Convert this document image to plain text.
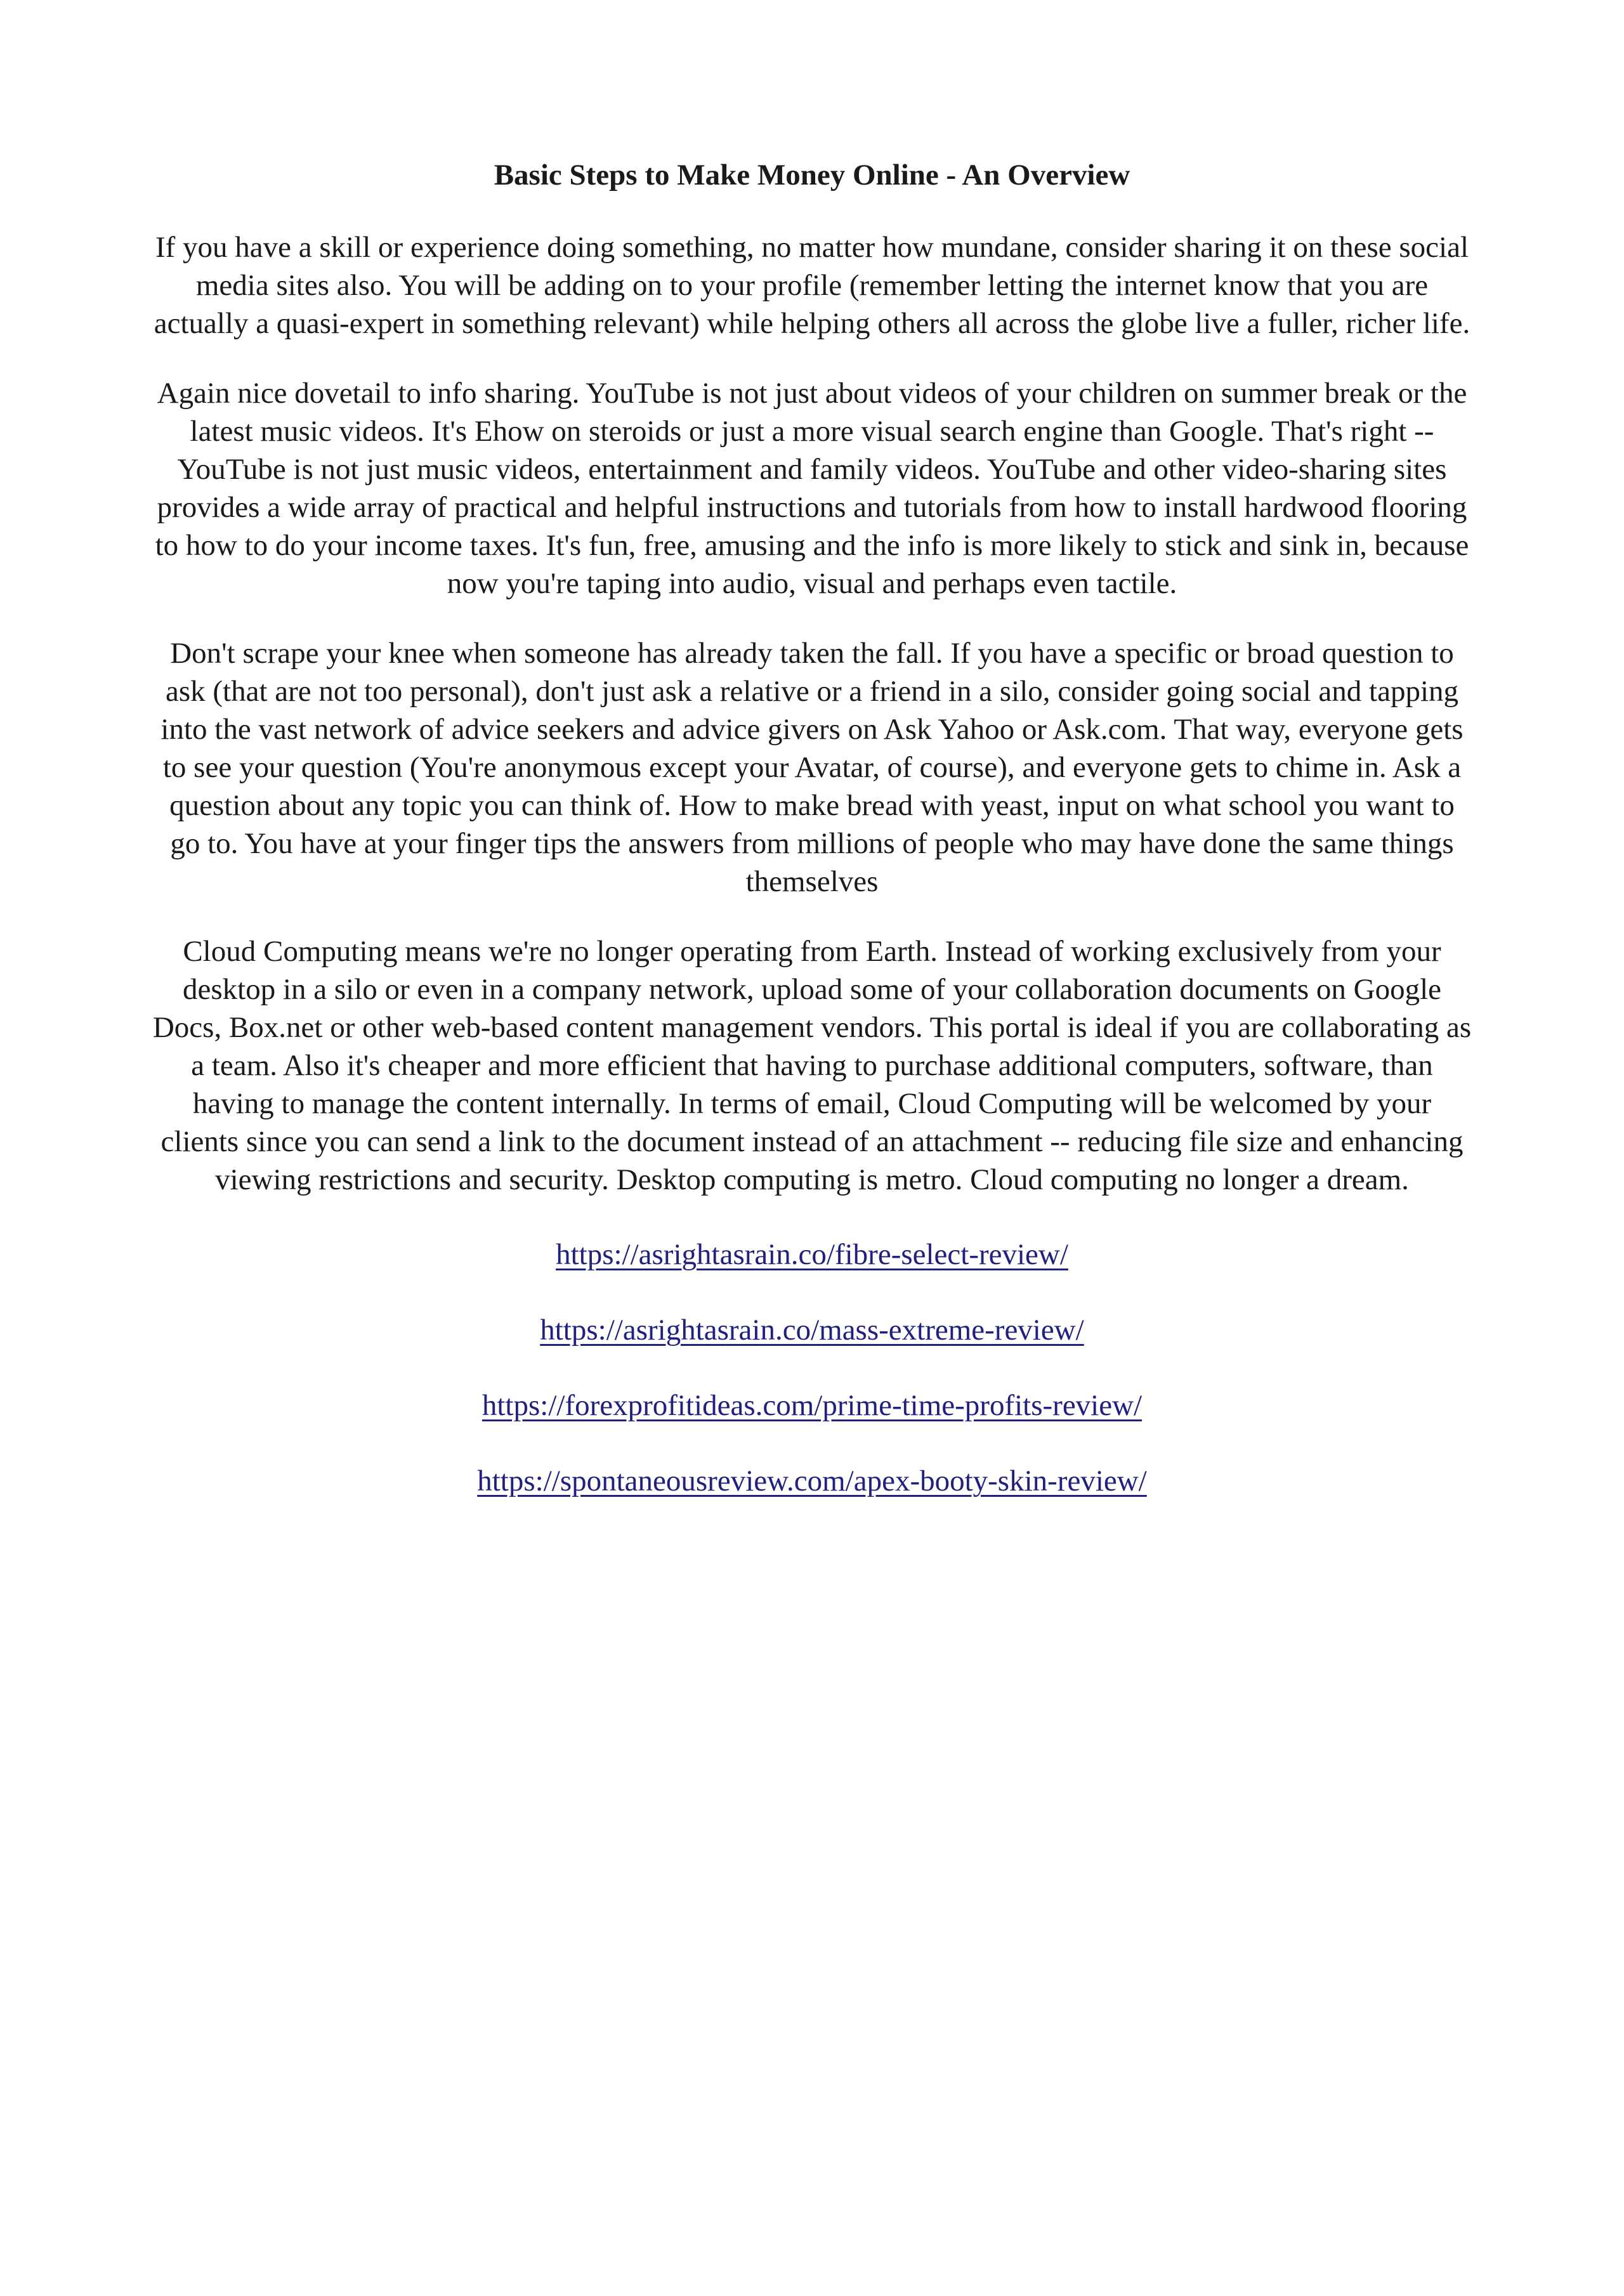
Basic Steps to Make Money Online - An Overview

If you have a skill or experience doing something, no matter how mundane, consider sharing it on these social media sites also. You will be adding on to your profile (remember letting the internet know that you are actually a quasi-expert in something relevant) while helping others all across the globe live a fuller, richer life.

Again nice dovetail to info sharing. YouTube is not just about videos of your children on summer break or the latest music videos. It's Ehow on steroids or just a more visual search engine than Google. That's right -- YouTube is not just music videos, entertainment and family videos. YouTube and other video-sharing sites provides a wide array of practical and helpful instructions and tutorials from how to install hardwood flooring to how to do your income taxes. It's fun, free, amusing and the info is more likely to stick and sink in, because now you're taping into audio, visual and perhaps even tactile.

Don't scrape your knee when someone has already taken the fall. If you have a specific or broad question to ask (that are not too personal), don't just ask a relative or a friend in a silo, consider going social and tapping into the vast network of advice seekers and advice givers on Ask Yahoo or Ask.com. That way, everyone gets to see your question (You're anonymous except your Avatar, of course), and everyone gets to chime in. Ask a question about any topic you can think of. How to make bread with yeast, input on what school you want to go to. You have at your finger tips the answers from millions of people who may have done the same things themselves

Cloud Computing means we're no longer operating from Earth. Instead of working exclusively from your desktop in a silo or even in a company network, upload some of your collaboration documents on Google Docs, Box.net or other web-based content management vendors. This portal is ideal if you are collaborating as a team. Also it's cheaper and more efficient that having to purchase additional computers, software, than having to manage the content internally. In terms of email, Cloud Computing will be welcomed by your clients since you can send a link to the document instead of an attachment -- reducing file size and enhancing viewing restrictions and security. Desktop computing is metro. Cloud computing no longer a dream.

https://asrightasrain.co/fibre-select-review/
https://asrightasrain.co/mass-extreme-review/
https://forexprofitideas.com/prime-time-profits-review/
https://spontaneousreview.com/apex-booty-skin-review/
